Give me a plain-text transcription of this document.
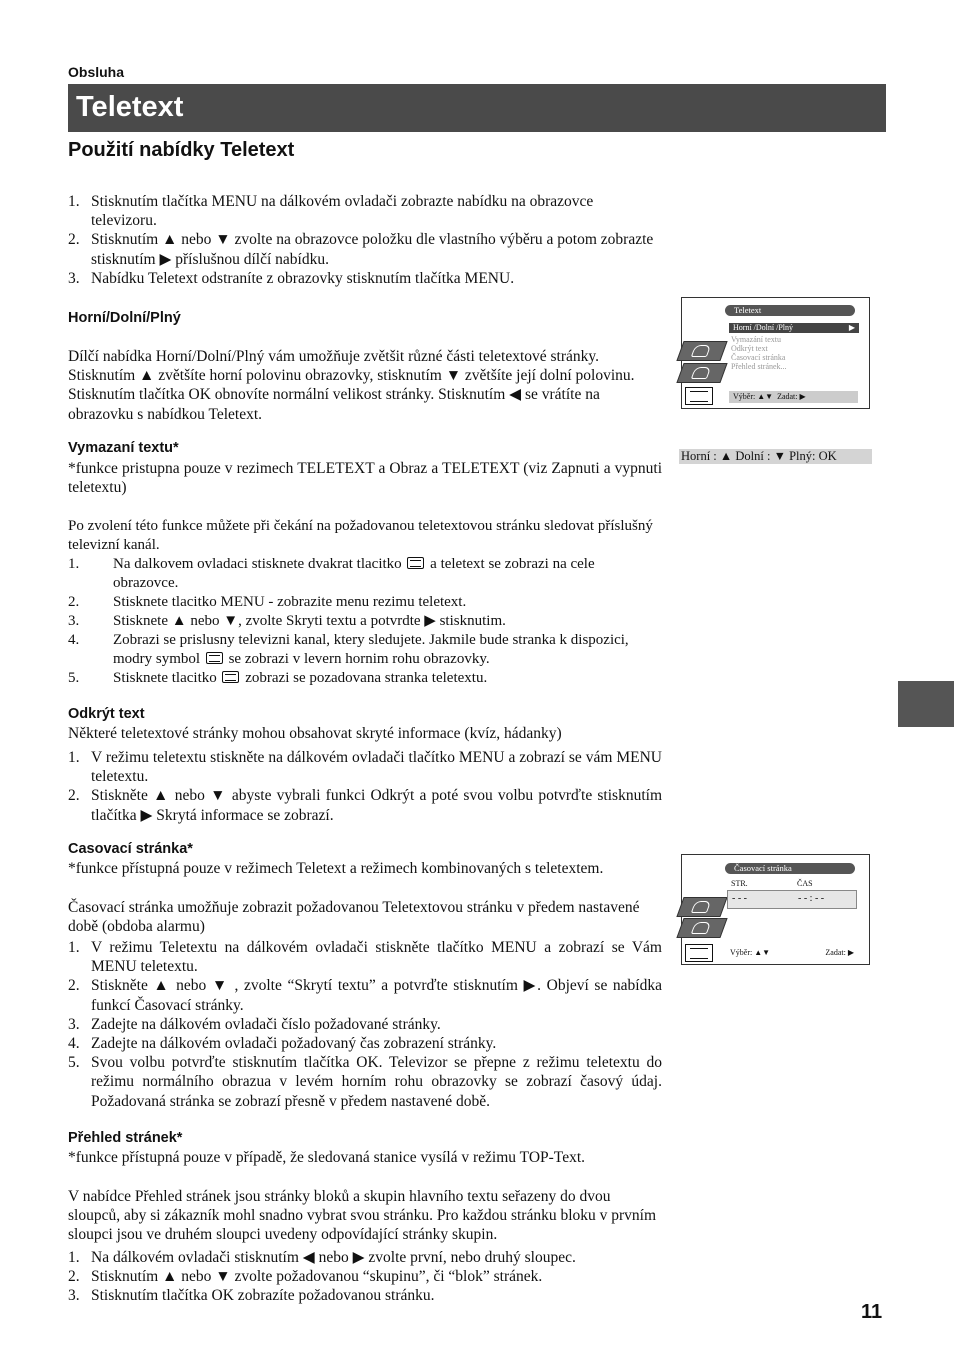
Obsluha
Teletext
Použití nabídky Teletext
1. Stisknutím tlačítka MENU na dálkovém ovladači zobrazte nabídku na obrazovce televizoru.
2. Stisknutím ▲ nebo ▼ zvolte na obrazovce položku dle vlastního výběru a potom zobrazte stisknutím ▶ příslušnou dílčí nabídku.
3. Nabídku Teletext odstraníte z obrazovky stisknutím tlačítka MENU.
Horní/Dolní/Plný
Dílčí nabídka Horní/Dolní/Plný vám umožňuje zvětšit různé části teletextové stránky. Stisknutím ▲ zvětšíte horní polovinu obrazovky, stisknutím ▼ zvětšíte její dolní polovinu. Stisknutím tlačítka OK obnovíte normální velikost stránky. Stisknutím ◀ se vrátíte na obrazovku s nabídkou Teletext.
Vymazaní textu*
*funkce pristupna pouze v rezimech TELETEXT a Obraz a TELETEXT (viz Zapnuti a vypnuti teletextu)
Po zvolení této funkce můžete při čekání na požadovanou teletextovou stránku sledovat příslušný televizní kanál.
1. Na dalkovem ovladaci stisknete dvakrat tlacitko a teletext se zobrazi na cele obrazovce.
2. Stisknete tlacitko MENU - zobrazite menu rezimu teletext.
3. Stisknete ▲ nebo ▼, zvolte Skryti textu a potvrdte ▶ stisknutim.
4. Zobrazi se prislusny televizni kanal, ktery sledujete. Jakmile bude stranka k dispozici, modry symbol se zobrazi v levern hornim rohu obrazovky.
5. Stisknete tlacitko zobrazi se pozadovana stranka teletextu.
Odkrýt text
Některé teletextové stránky mohou obsahovat skryté informace (kvíz, hádanky)
1. V režimu teletextu stiskněte na dálkovém ovladači tlačítko MENU a zobrazí se vám MENU teletextu.
2. Stiskněte ▲ nebo ▼ abyste vybrali funkci Odkrýt a poté svou volbu potvrďte stisknutím tlačítka ▶ Skrytá informace se zobrazí.
Casovací stránka*
*funkce přístupná pouze v režimech Teletext a režimech kombinovaných s teletextem.
Časovací stránka umožňuje zobrazit požadovanou Teletextovou stránku v předem nastavené době (obdoba alarmu)
1. V režimu Teletextu na dálkovém ovladači stiskněte tlačítko MENU a zobrazí se Vám MENU teletextu.
2. Stiskněte ▲ nebo ▼ , zvolte “Skrytí textu” a potvrďte stisknutím ▶. Objeví se nabídka funkcí Časovací stránky.
3. Zadejte na dálkovém ovladači číslo požadované stránky.
4. Zadejte na dálkovém ovladači požadovaný čas zobrazení stránky.
5. Svou volbu potvrďte stisknutím tlačítka OK. Televizor se přepne z režimu teletextu do režimu normálního obrazua v levém horním rohu obrazovky se zobrazí časový údaj. Požadovaná stránka se zobrazí přesně v předem nastavené době.
Přehled stránek*
*funkce přístupná pouze v případě, že sledovaná stanice vysílá v režimu TOP-Text.
V nabídce Přehled stránek jsou stránky bloků a skupin hlavního textu seřazeny do dvou sloupců, aby si zákazník mohl snadno vybrat svou stránku. Pro každou stránku bloku v prvním sloupci jsou ve druhém sloupci uvedeny odpovídající stránky skupin.
1. Na dálkovém ovladači stisknutím ◀ nebo ▶ zvolte první, nebo druhý sloupec.
2. Stisknutím ▲ nebo ▼ zvolte požadovanou “skupinu”, či “blok” stránek.
3. Stisknutím tlačítka OK zobrazíte požadovanou stránku.
Teletext
Horní /Dolní /Plný	▶
Vymazání textu
Odkrýt text
Časovací stránka
Přehled stránek...
Výběr: ▲▼ Zadat: ▶
Horní : ▲ Dolní : ▼ Plný: OK
Časovací stránka
STR.	ČAS
- - -	- - : - -
Výběr: ▲▼	Zadat: ▶
11
